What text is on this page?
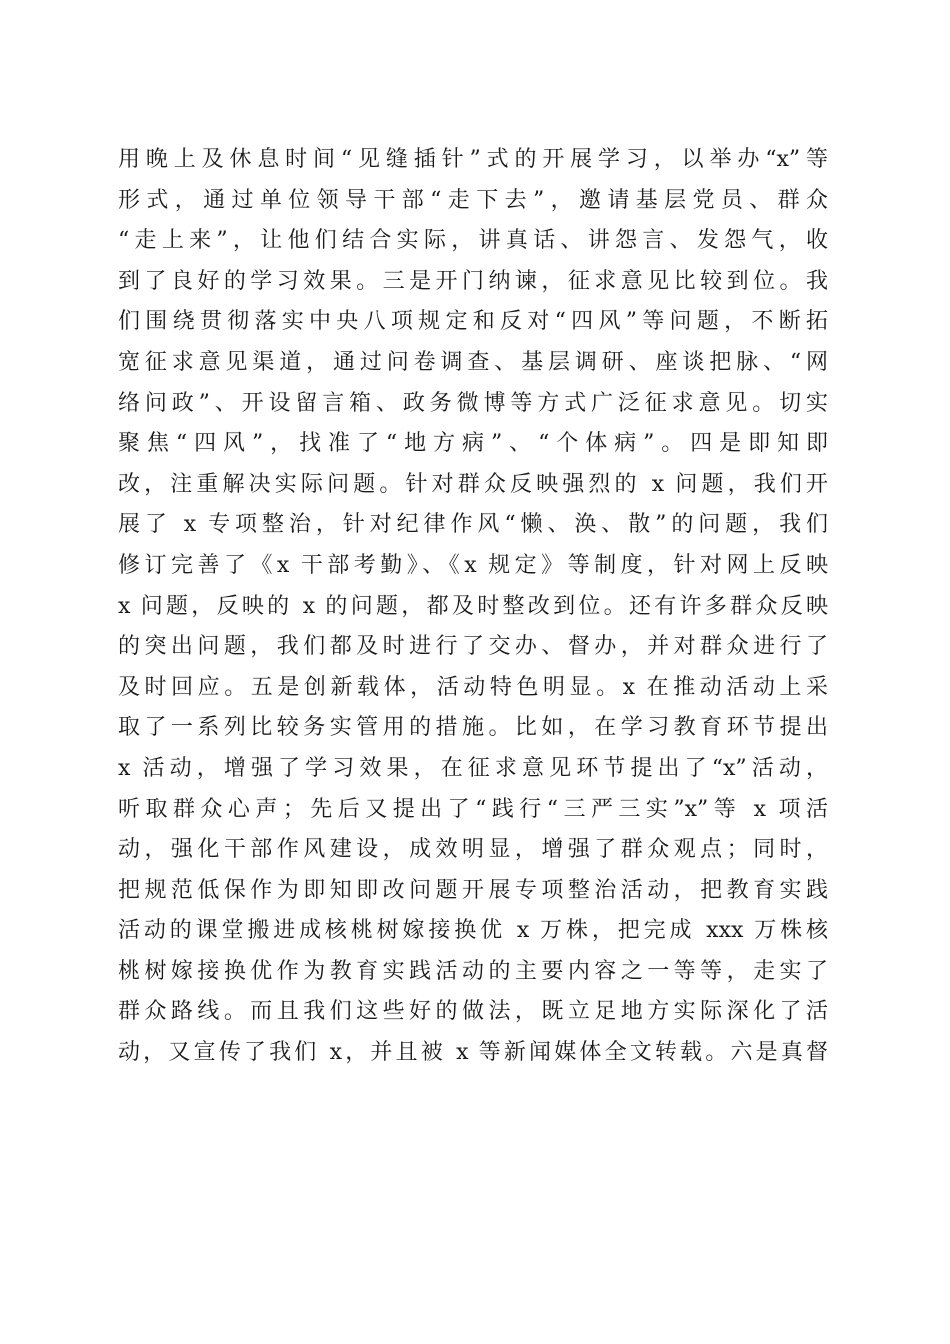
用晚上及休息时间“见缝插针”式的开展学习，以举办“x”等
形式，通过单位领导干部“走下去”，邀请基层党员、群众
“走上来”，让他们结合实际，讲真话、讲怨言、发怨气，收
到了良好的学习效果。三是开门纳谏，征求意见比较到位。我
们围绕贯彻落实中央八项规定和反对“四风”等问题，不断拓
宽征求意见渠道，通过问卷调查、基层调研、座谈把脉、“网
络问政”、开设留言箱、政务微博等方式广泛征求意见。切实
聚焦“四风”，找准了“地方病”、“个体病”。四是即知即
改，注重解决实际问题。针对群众反映强烈的 x 问题，我们开
展了 x 专项整治，针对纪律作风“懒、涣、散”的问题，我们
修订完善了《x 干部考勤》、《x 规定》等制度，针对网上反映
x 问题，反映的 x 的问题，都及时整改到位。还有许多群众反映
的突出问题，我们都及时进行了交办、督办，并对群众进行了
及时回应。五是创新载体，活动特色明显。x 在推动活动上采
取了一系列比较务实管用的措施。比如，在学习教育环节提出
x 活动，增强了学习效果，在征求意见环节提出了“x”活动，
听取群众心声；先后又提出了“践行“三严三实”x”等 x 项活
动，强化干部作风建设，成效明显，增强了群众观点；同时，
把规范低保作为即知即改问题开展专项整治活动，把教育实践
活动的课堂搬进成核桃树嫁接换优 x 万株，把完成 xxx 万株核
桃树嫁接换优作为教育实践活动的主要内容之一等等，走实了
群众路线。而且我们这些好的做法，既立足地方实际深化了活
动，又宣传了我们 x，并且被 x 等新闻媒体全文转载。六是真督
